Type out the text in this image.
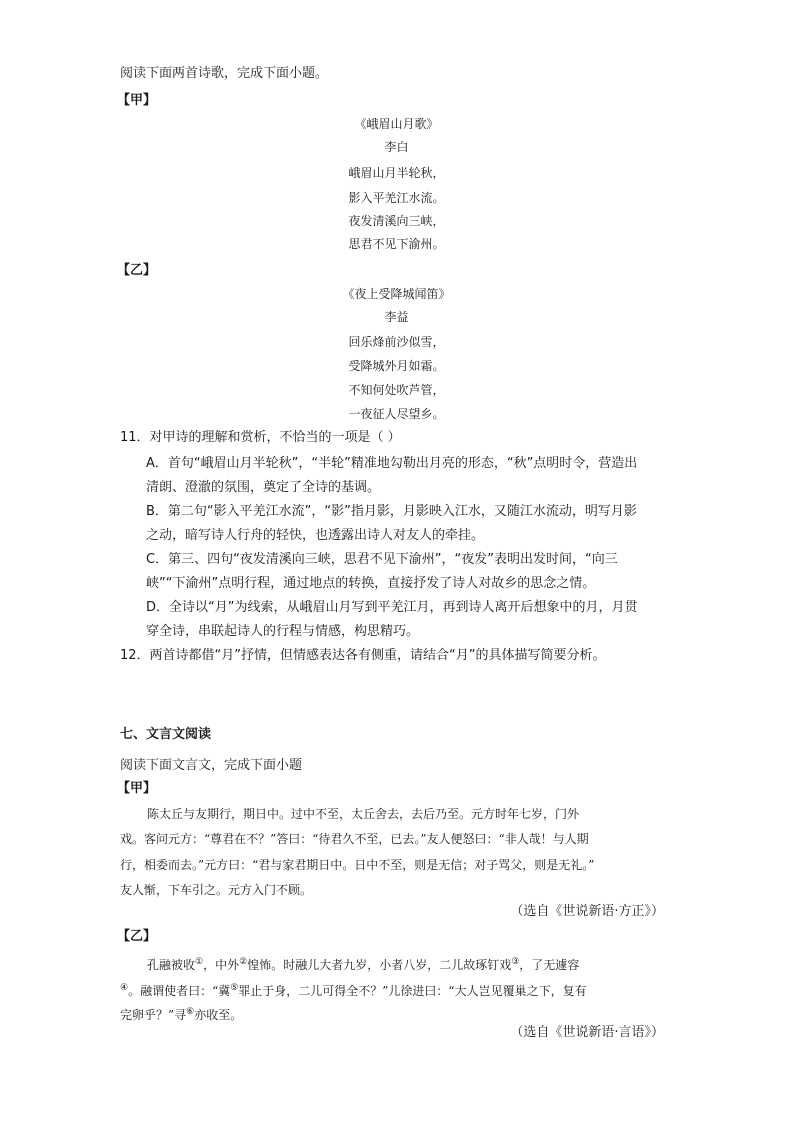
阅读下面两首诗歌，完成下面小题。
【甲】
《峨眉山月歌》
李白
峨眉山月半轮秋，
影入平羌江水流。
夜发清溪向三峡，
思君不见下渝州。
【乙】
《夜上受降城闻笛》
李益
回乐烽前沙似雪，
受降城外月如霜。
不知何处吹芦管，
一夜征人尽望乡。
11．对甲诗的理解和赏析，不恰当的一项是（ ）
A．首句“峨眉山月半轮秋”，“半轮”精准地勾勒出月亮的形态，“秋”点明时令，营造出
清朗、澄澈的氛围，奠定了全诗的基调。
B．第二句“影入平羌江水流”，“影”指月影，月影映入江水，又随江水流动，明写月影
之动，暗写诗人行舟的轻快，也透露出诗人对友人的牵挂。
C．第三、四句“夜发清溪向三峡，思君不见下渝州”，“夜发”表明出发时间，“向三
峡”“下渝州”点明行程，通过地点的转换，直接抒发了诗人对故乡的思念之情。
D．全诗以“月”为线索，从峨眉山月写到平羌江月，再到诗人离开后想象中的月，月贯
穿全诗，串联起诗人的行程与情感，构思精巧。
12．两首诗都借“月”抒情，但情感表达各有侧重，请结合“月”的具体描写简要分析。
七、文言文阅读
阅读下面文言文，完成下面小题
【甲】
陈太丘与友期行，期日中。过中不至，太丘舍去，去后乃至。元方时年七岁，门外
戏。客问元方：“尊君在不？”答曰：“待君久不至，已去。”友人便怒曰：“非人哉！与人期
行，相委而去。”元方曰：“君与家君期日中。日中不至，则是无信；对子骂父，则是无礼。”
友人惭，下车引之。元方入门不顾。
（选自《世说新语·方正》）
【乙】
孔融被收①，中外②惶怖。时融儿大者九岁，小者八岁，二儿故琢钉戏③，了无遽容
④。融谓使者曰：“冀⑤罪止于身，二儿可得全不？”儿徐进曰：“大人岂见覆巢之下，复有
完卵乎？”寻⑥亦收至。
（选自《世说新语·言语》）
